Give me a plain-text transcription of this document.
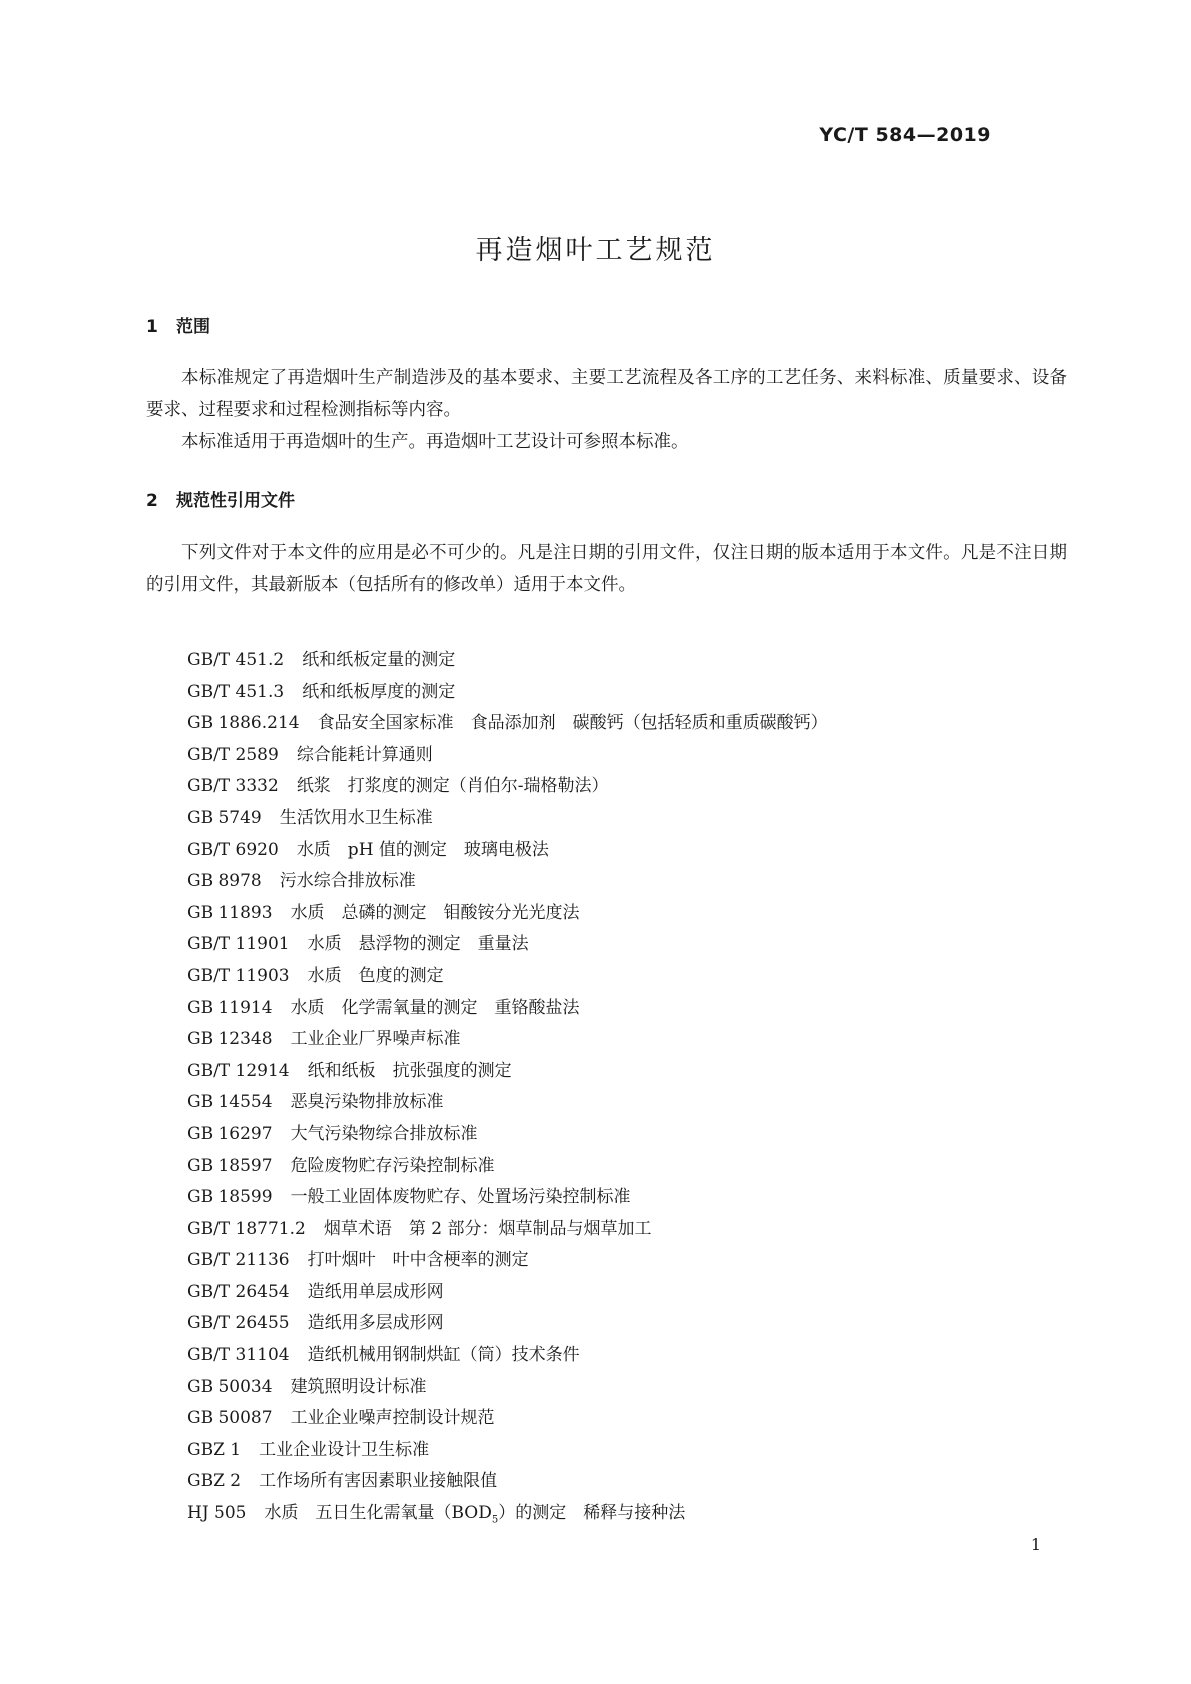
YC/T 584—2019
再造烟叶工艺规范
1 范围

本标准规定了再造烟叶生产制造涉及的基本要求、主要工艺流程及各工序的工艺任务、来料标准、质量要求、设备要求、过程要求和过程检测指标等内容。

本标准适用于再造烟叶的生产。再造烟叶工艺设计可参照本标准。

2 规范性引用文件

下列文件对于本文件的应用是必不可少的。凡是注日期的引用文件，仅注日期的版本适用于本文件。凡是不注日期的引用文件，其最新版本（包括所有的修改单）适用于本文件。

GB/T 451.2 纸和纸板定量的测定
GB/T 451.3 纸和纸板厚度的测定
GB 1886.214 食品安全国家标准　食品添加剂　碳酸钙（包括轻质和重质碳酸钙）
GB/T 2589 综合能耗计算通则
GB/T 3332 纸浆　打浆度的测定（肖伯尔-瑞格勒法）
GB 5749 生活饮用水卫生标准
GB/T 6920 水质　pH 值的测定　玻璃电极法
GB 8978 污水综合排放标准
GB 11893 水质　总磷的测定　钼酸铵分光光度法
GB/T 11901 水质　悬浮物的测定　重量法
GB/T 11903 水质　色度的测定
GB 11914 水质　化学需氧量的测定　重铬酸盐法
GB 12348 工业企业厂界噪声标准
GB/T 12914 纸和纸板　抗张强度的测定
GB 14554 恶臭污染物排放标准
GB 16297 大气污染物综合排放标准
GB 18597 危险废物贮存污染控制标准
GB 18599 一般工业固体废物贮存、处置场污染控制标准
GB/T 18771.2 烟草术语　第 2 部分：烟草制品与烟草加工
GB/T 21136 打叶烟叶　叶中含梗率的测定
GB/T 26454 造纸用单层成形网
GB/T 26455 造纸用多层成形网
GB/T 31104 造纸机械用钢制烘缸（筒）技术条件
GB 50034 建筑照明设计标准
GB 50087 工业企业噪声控制设计规范
GBZ 1 工业企业设计卫生标准
GBZ 2 工作场所有害因素职业接触限值
HJ 505 水质　五日生化需氧量$(BOD_5)$的测定　稀释与接种法
1
